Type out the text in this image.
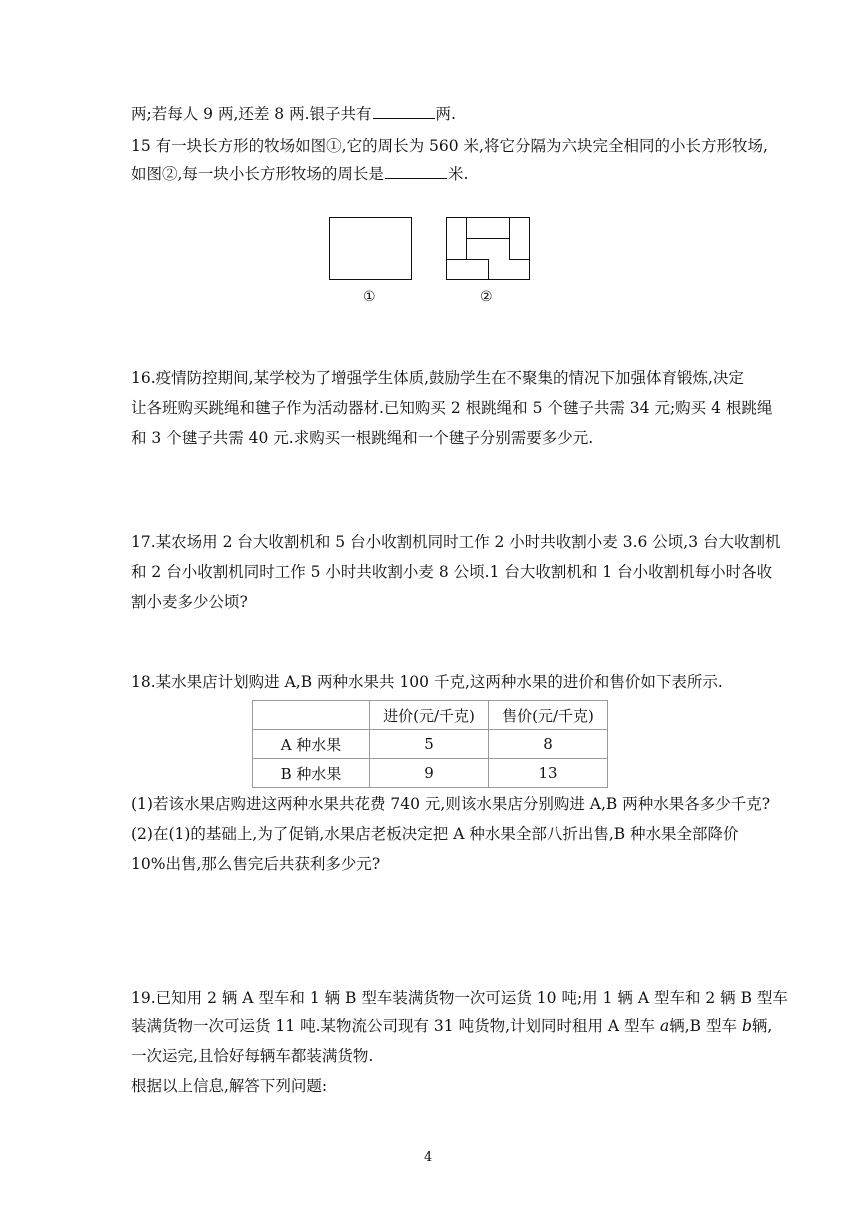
两;若每人 9 两,还差 8 两.银子共有	两.
15 有一块长方形的牧场如图①,它的周长为 560 米,将它分隔为六块完全相同的小长方形牧场,
如图②,每一块小长方形牧场的周长是	米.
①	②
16.疫情防控期间,某学校为了增强学生体质,鼓励学生在不聚集的情况下加强体育锻炼,决定
让各班购买跳绳和毽子作为活动器材.已知购买 2 根跳绳和 5 个毽子共需 34 元;购买 4 根跳绳
和 3 个毽子共需 40 元.求购买一根跳绳和一个毽子分别需要多少元.
17.某农场用 2 台大收割机和 5 台小收割机同时工作 2 小时共收割小麦 3.6 公顷,3 台大收割机
和 2 台小收割机同时工作 5 小时共收割小麦 8 公顷.1 台大收割机和 1 台小收割机每小时各收
割小麦多少公顷?
18.某水果店计划购进 A,B 两种水果共 100 千克,这两种水果的进价和售价如下表所示.
	进价(元/千克)	售价(元/千克)
A 种水果	5	8
B 种水果	9	13
(1)若该水果店购进这两种水果共花费 740 元,则该水果店分别购进 A,B 两种水果各多少千克?
(2)在(1)的基础上,为了促销,水果店老板决定把 A 种水果全部八折出售,B 种水果全部降价
10%出售,那么售完后共获利多少元?
19.已知用 2 辆 A 型车和 1 辆 B 型车装满货物一次可运货 10 吨;用 1 辆 A 型车和 2 辆 B 型车
装满货物一次可运货 11 吨.某物流公司现有 31 吨货物,计划同时租用 A 型车 a辆,B 型车 b辆,
一次运完,且恰好每辆车都装满货物.
根据以上信息,解答下列问题:
4
